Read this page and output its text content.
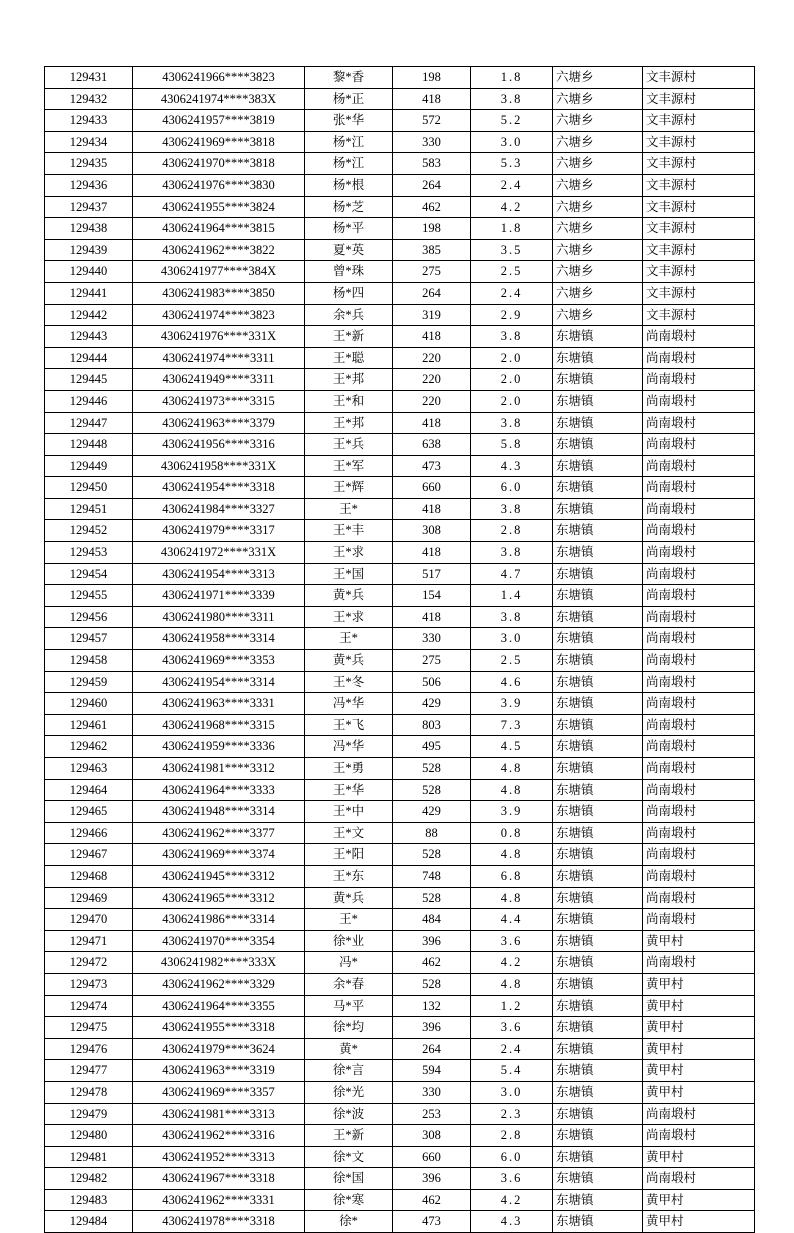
129431	4306241966****3823	黎*香	198	1.8	六塘乡	文丰源村
129432	4306241974****383X	杨*正	418	3.8	六塘乡	文丰源村
129433	4306241957****3819	张*华	572	5.2	六塘乡	文丰源村
129434	4306241969****3818	杨*江	330	3.0	六塘乡	文丰源村
129435	4306241970****3818	杨*江	583	5.3	六塘乡	文丰源村
129436	4306241976****3830	杨*根	264	2.4	六塘乡	文丰源村
129437	4306241955****3824	杨*芝	462	4.2	六塘乡	文丰源村
129438	4306241964****3815	杨*平	198	1.8	六塘乡	文丰源村
129439	4306241962****3822	夏*英	385	3.5	六塘乡	文丰源村
129440	4306241977****384X	曾*珠	275	2.5	六塘乡	文丰源村
129441	4306241983****3850	杨*四	264	2.4	六塘乡	文丰源村
129442	4306241974****3823	余*兵	319	2.9	六塘乡	文丰源村
129443	4306241976****331X	王*新	418	3.8	东塘镇	尚南塅村
129444	4306241974****3311	王*聪	220	2.0	东塘镇	尚南塅村
129445	4306241949****3311	王*邦	220	2.0	东塘镇	尚南塅村
129446	4306241973****3315	王*和	220	2.0	东塘镇	尚南塅村
129447	4306241963****3379	王*邦	418	3.8	东塘镇	尚南塅村
129448	4306241956****3316	王*兵	638	5.8	东塘镇	尚南塅村
129449	4306241958****331X	王*军	473	4.3	东塘镇	尚南塅村
129450	4306241954****3318	王*辉	660	6.0	东塘镇	尚南塅村
129451	4306241984****3327	王*	418	3.8	东塘镇	尚南塅村
129452	4306241979****3317	王*丰	308	2.8	东塘镇	尚南塅村
129453	4306241972****331X	王*求	418	3.8	东塘镇	尚南塅村
129454	4306241954****3313	王*国	517	4.7	东塘镇	尚南塅村
129455	4306241971****3339	黄*兵	154	1.4	东塘镇	尚南塅村
129456	4306241980****3311	王*求	418	3.8	东塘镇	尚南塅村
129457	4306241958****3314	王*	330	3.0	东塘镇	尚南塅村
129458	4306241969****3353	黄*兵	275	2.5	东塘镇	尚南塅村
129459	4306241954****3314	王*冬	506	4.6	东塘镇	尚南塅村
129460	4306241963****3331	冯*华	429	3.9	东塘镇	尚南塅村
129461	4306241968****3315	王*飞	803	7.3	东塘镇	尚南塅村
129462	4306241959****3336	冯*华	495	4.5	东塘镇	尚南塅村
129463	4306241981****3312	王*勇	528	4.8	东塘镇	尚南塅村
129464	4306241964****3333	王*华	528	4.8	东塘镇	尚南塅村
129465	4306241948****3314	王*中	429	3.9	东塘镇	尚南塅村
129466	4306241962****3377	王*文	88	0.8	东塘镇	尚南塅村
129467	4306241969****3374	王*阳	528	4.8	东塘镇	尚南塅村
129468	4306241945****3312	王*东	748	6.8	东塘镇	尚南塅村
129469	4306241965****3312	黄*兵	528	4.8	东塘镇	尚南塅村
129470	4306241986****3314	王*	484	4.4	东塘镇	尚南塅村
129471	4306241970****3354	徐*业	396	3.6	东塘镇	黄甲村
129472	4306241982****333X	冯*	462	4.2	东塘镇	尚南塅村
129473	4306241962****3329	余*春	528	4.8	东塘镇	黄甲村
129474	4306241964****3355	马*平	132	1.2	东塘镇	黄甲村
129475	4306241955****3318	徐*均	396	3.6	东塘镇	黄甲村
129476	4306241979****3624	黄*	264	2.4	东塘镇	黄甲村
129477	4306241963****3319	徐*言	594	5.4	东塘镇	黄甲村
129478	4306241969****3357	徐*光	330	3.0	东塘镇	黄甲村
129479	4306241981****3313	徐*波	253	2.3	东塘镇	尚南塅村
129480	4306241962****3316	王*新	308	2.8	东塘镇	尚南塅村
129481	4306241952****3313	徐*文	660	6.0	东塘镇	黄甲村
129482	4306241967****3318	徐*国	396	3.6	东塘镇	尚南塅村
129483	4306241962****3331	徐*寒	462	4.2	东塘镇	黄甲村
129484	4306241978****3318	徐*	473	4.3	东塘镇	黄甲村
